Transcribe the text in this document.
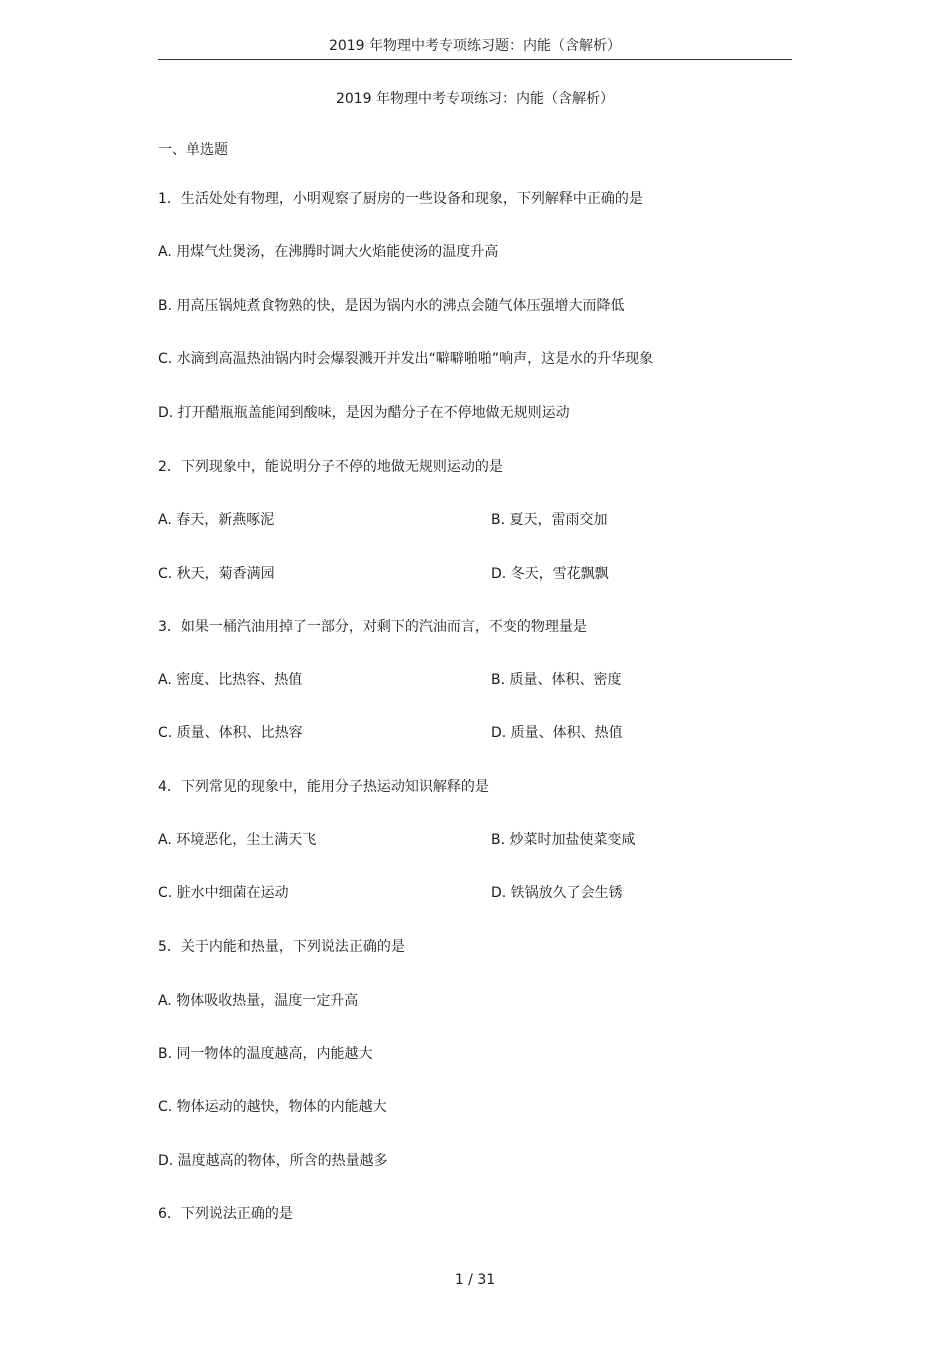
2019 年物理中考专项练习题：内能（含解析）
2019 年物理中考专项练习：内能（含解析）
一、单选题
1．生活处处有物理，小明观察了厨房的一些设备和现象，下列解释中正确的是
A. 用煤气灶煲汤，在沸腾时调大火焰能使汤的温度升高
B. 用高压锅炖煮食物熟的快，是因为锅内水的沸点会随气体压强增大而降低
C. 水滴到高温热油锅内时会爆裂溅开并发出“噼噼啪啪”响声，这是水的升华现象
D. 打开醋瓶瓶盖能闻到酸味，是因为醋分子在不停地做无规则运动
2．下列现象中，能说明分子不停的地做无规则运动的是
A. 春天，新燕啄泥	B. 夏天，雷雨交加
C. 秋天，菊香满园	D. 冬天，雪花飘飘
3．如果一桶汽油用掉了一部分，对剩下的汽油而言，不变的物理量是
A. 密度、比热容、热值	B. 质量、体积、密度
C. 质量、体积、比热容	D. 质量、体积、热值
4．下列常见的现象中，能用分子热运动知识解释的是
A. 环境恶化，尘土满天飞	B. 炒菜时加盐使菜变咸
C. 脏水中细菌在运动	D. 铁锅放久了会生锈
5．关于内能和热量，下列说法正确的是
A. 物体吸收热量，温度一定升高
B. 同一物体的温度越高，内能越大
C. 物体运动的越快，物体的内能越大
D. 温度越高的物体，所含的热量越多
6．下列说法正确的是
1 / 31
